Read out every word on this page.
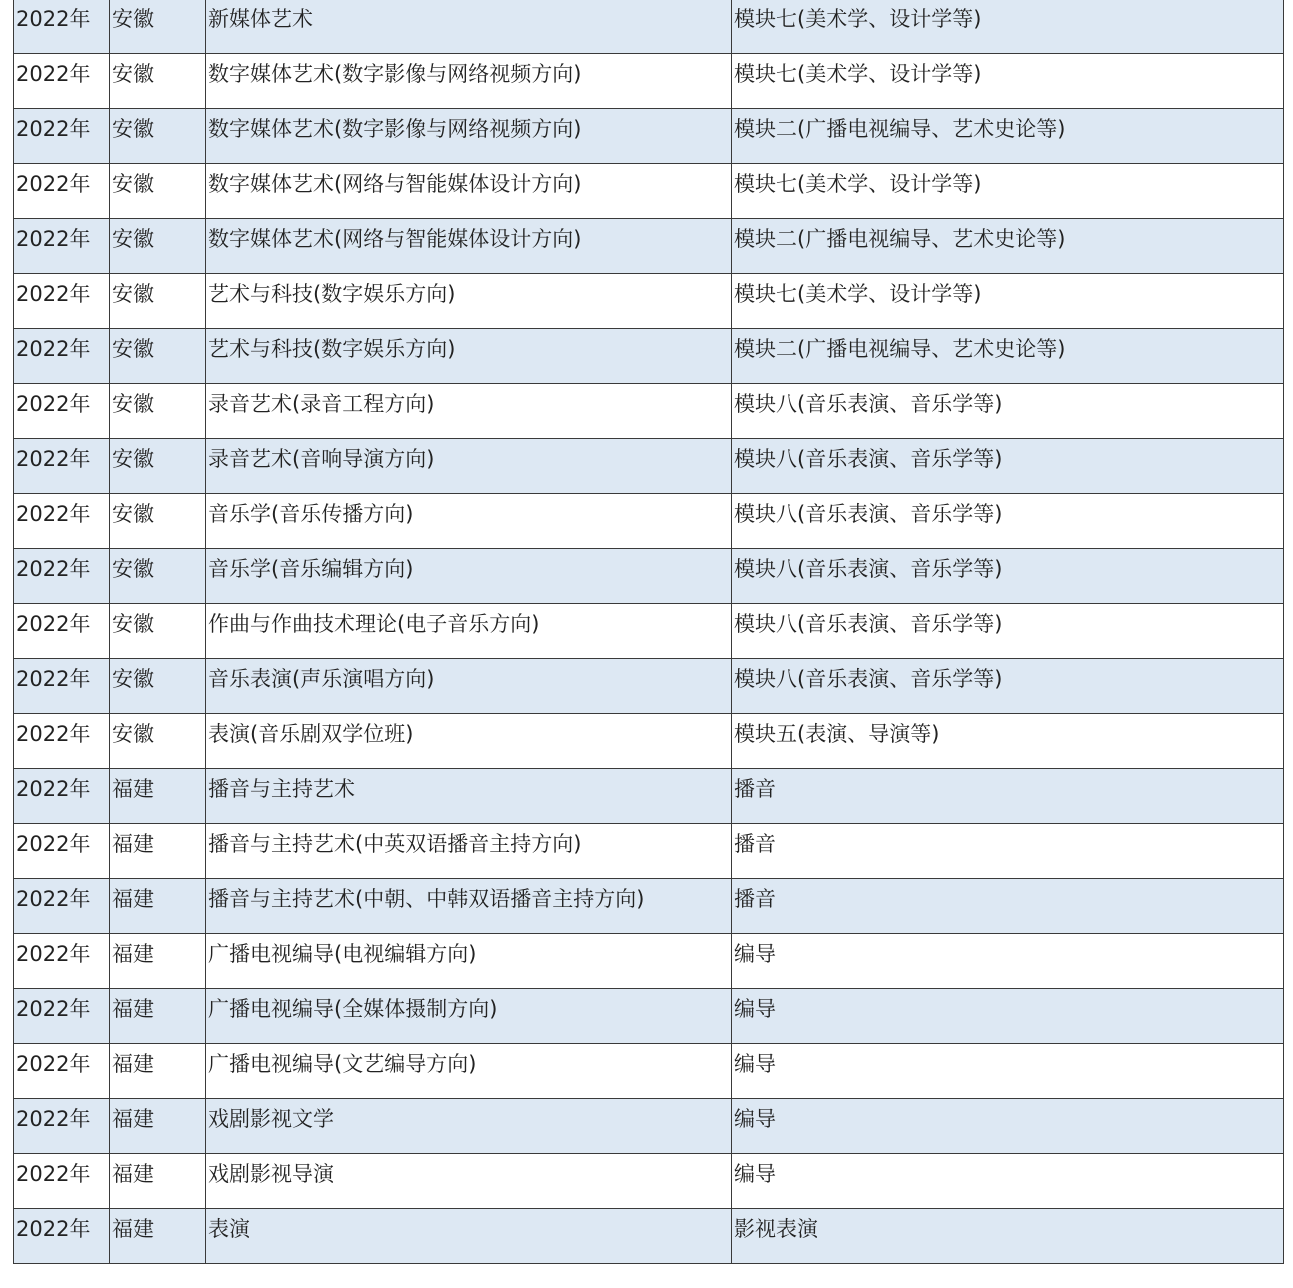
2022年	安徽	新媒体艺术	模块七(美术学、设计学等)
2022年	安徽	数字媒体艺术(数字影像与网络视频方向)	模块七(美术学、设计学等)
2022年	安徽	数字媒体艺术(数字影像与网络视频方向)	模块二(广播电视编导、艺术史论等)
2022年	安徽	数字媒体艺术(网络与智能媒体设计方向)	模块七(美术学、设计学等)
2022年	安徽	数字媒体艺术(网络与智能媒体设计方向)	模块二(广播电视编导、艺术史论等)
2022年	安徽	艺术与科技(数字娱乐方向)	模块七(美术学、设计学等)
2022年	安徽	艺术与科技(数字娱乐方向)	模块二(广播电视编导、艺术史论等)
2022年	安徽	录音艺术(录音工程方向)	模块八(音乐表演、音乐学等)
2022年	安徽	录音艺术(音响导演方向)	模块八(音乐表演、音乐学等)
2022年	安徽	音乐学(音乐传播方向)	模块八(音乐表演、音乐学等)
2022年	安徽	音乐学(音乐编辑方向)	模块八(音乐表演、音乐学等)
2022年	安徽	作曲与作曲技术理论(电子音乐方向)	模块八(音乐表演、音乐学等)
2022年	安徽	音乐表演(声乐演唱方向)	模块八(音乐表演、音乐学等)
2022年	安徽	表演(音乐剧双学位班)	模块五(表演、导演等)
2022年	福建	播音与主持艺术	播音
2022年	福建	播音与主持艺术(中英双语播音主持方向)	播音
2022年	福建	播音与主持艺术(中朝、中韩双语播音主持方向)	播音
2022年	福建	广播电视编导(电视编辑方向)	编导
2022年	福建	广播电视编导(全媒体摄制方向)	编导
2022年	福建	广播电视编导(文艺编导方向)	编导
2022年	福建	戏剧影视文学	编导
2022年	福建	戏剧影视导演	编导
2022年	福建	表演	影视表演
